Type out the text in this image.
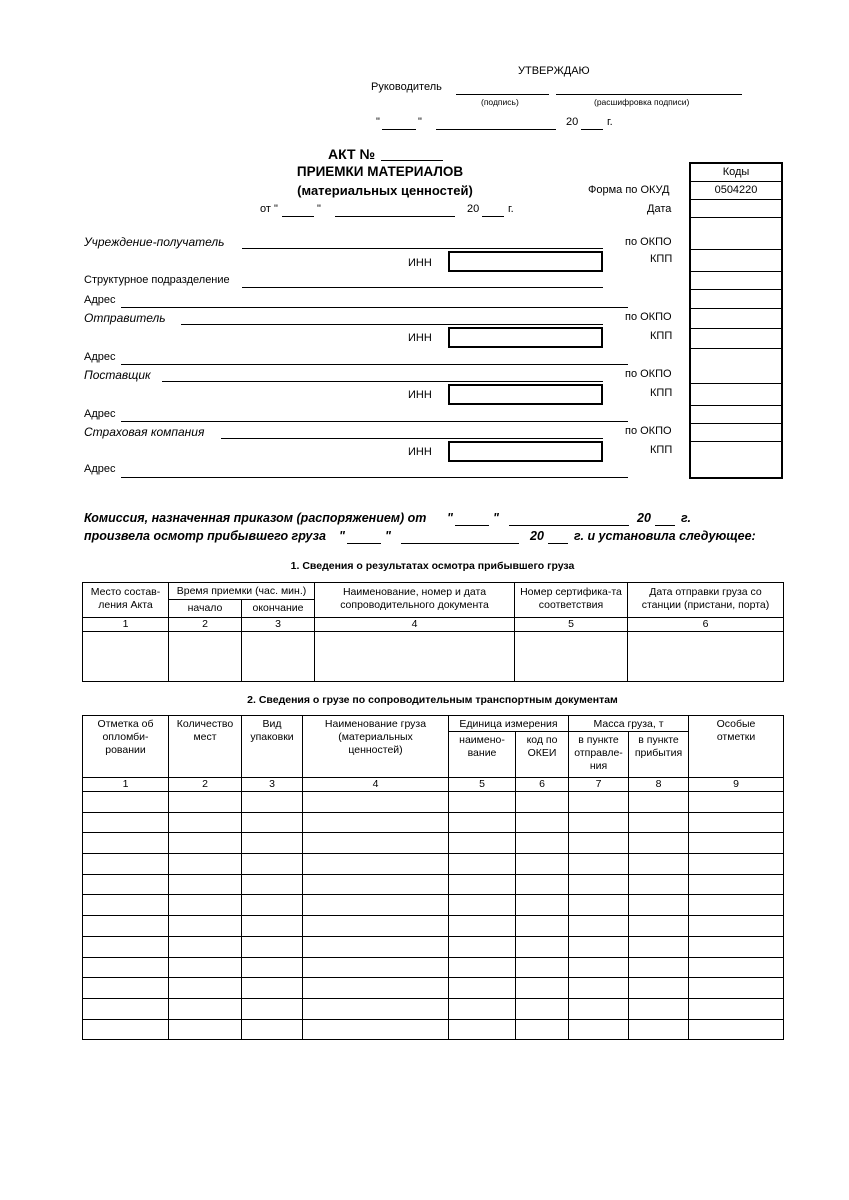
УТВЕРЖДАЮ
Руководитель
(подпись)	(расшифровка подписи)
"	"	20	г.
АКТ №
ПРИЕМКИ МАТЕРИАЛОВ
(материальных ценностей)
от "	"	20	г.
Коды
0504220
Форма по ОКУД
Дата
Учреждение-получатель	по ОКПО
ИНН	КПП
Структурное подразделение
Адрес
Отправитель	по ОКПО
ИНН	КПП
Адрес
Поставщик	по ОКПО
ИНН	КПП
Адрес
Страховая компания	по ОКПО
ИНН	КПП
Адрес
Комиссия, назначенная приказом (распоряжением) от "	"	20 г.
произвела осмотр прибывшего груза "	"	20 г. и установила следующее:
1. Сведения о результатах осмотра прибывшего груза
Место состав-ления Акта	Время приемки (час. мин.)		Наименование, номер и дата сопроводительного документа	Номер сертифика-та соответствия	Дата отправки груза со станции (пристани, порта)
	начало	окончание			
1	2	3	4	5	6

2. Сведения о грузе по сопроводительным транспортным документам
Отметка об опломби-ровании	Количество мест	Вид упаковки	Наименование груза (материальных ценностей)	Единица измерения		Масса груза, т		Особые отметки
				наимено-вание	код по ОКЕИ	в пункте отправле-ния	в пункте прибытия	
1	2	3	4	5	6	7	8	9
